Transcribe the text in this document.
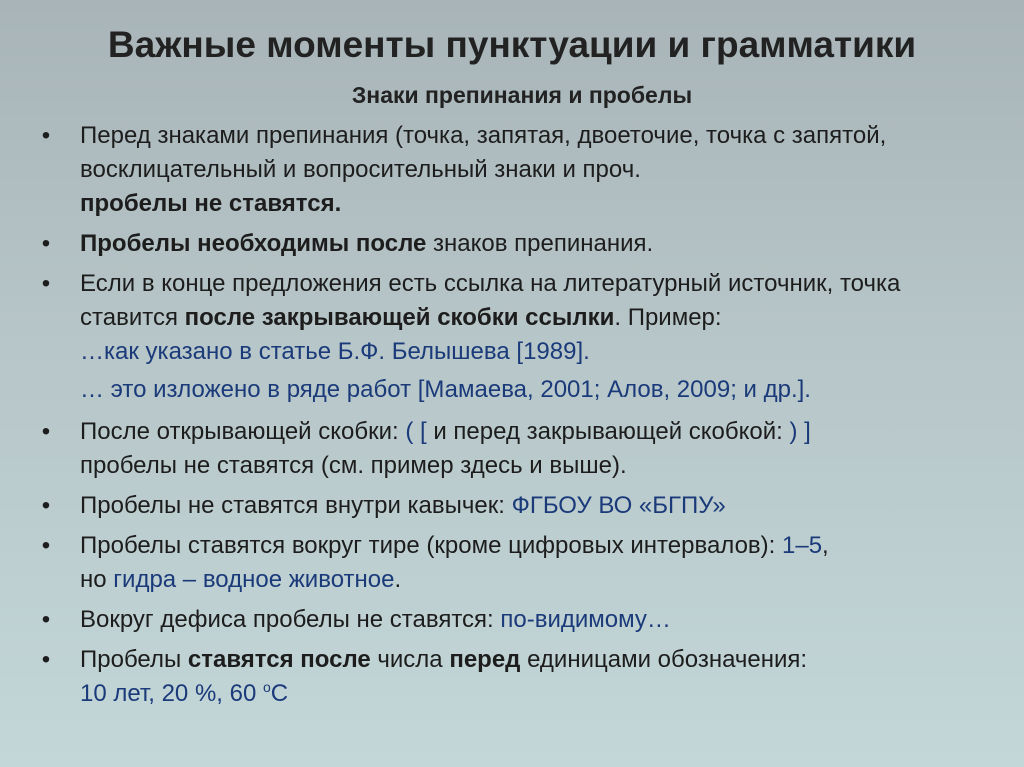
Важные моменты пунктуации и грамматики
Знаки препинания и пробелы
• Перед знаками препинания (точка, запятая, двоеточие, точка с запятой, восклицательный и вопросительный знаки и проч.
пробелы не ставятся.

• Пробелы необходимы после знаков препинания.

• Если в конце предложения есть ссылка на литературный источник, точка ставится после закрывающей скобки ссылки. Пример:
…как указано в статье Б.Ф. Белышева [1989].

… это изложено в ряде работ [Мамаева, 2001; Алов, 2009; и др.].
• После открывающей скобки: ( [ и перед закрывающей скобкой: ) ]
пробелы не ставятся (см. пример здесь и выше).

• Пробелы не ставятся внутри кавычек: ФГБОУ ВО «БГПУ»

• Пробелы ставятся вокруг тире (кроме цифровых интервалов): 1–5,
но гидра – водное животное.

• Вокруг дефиса пробелы не ставятся: по-видимому…

• Пробелы ставятся после числа перед единицами обозначения:
10 лет, 20 %, 60 $^о$С
